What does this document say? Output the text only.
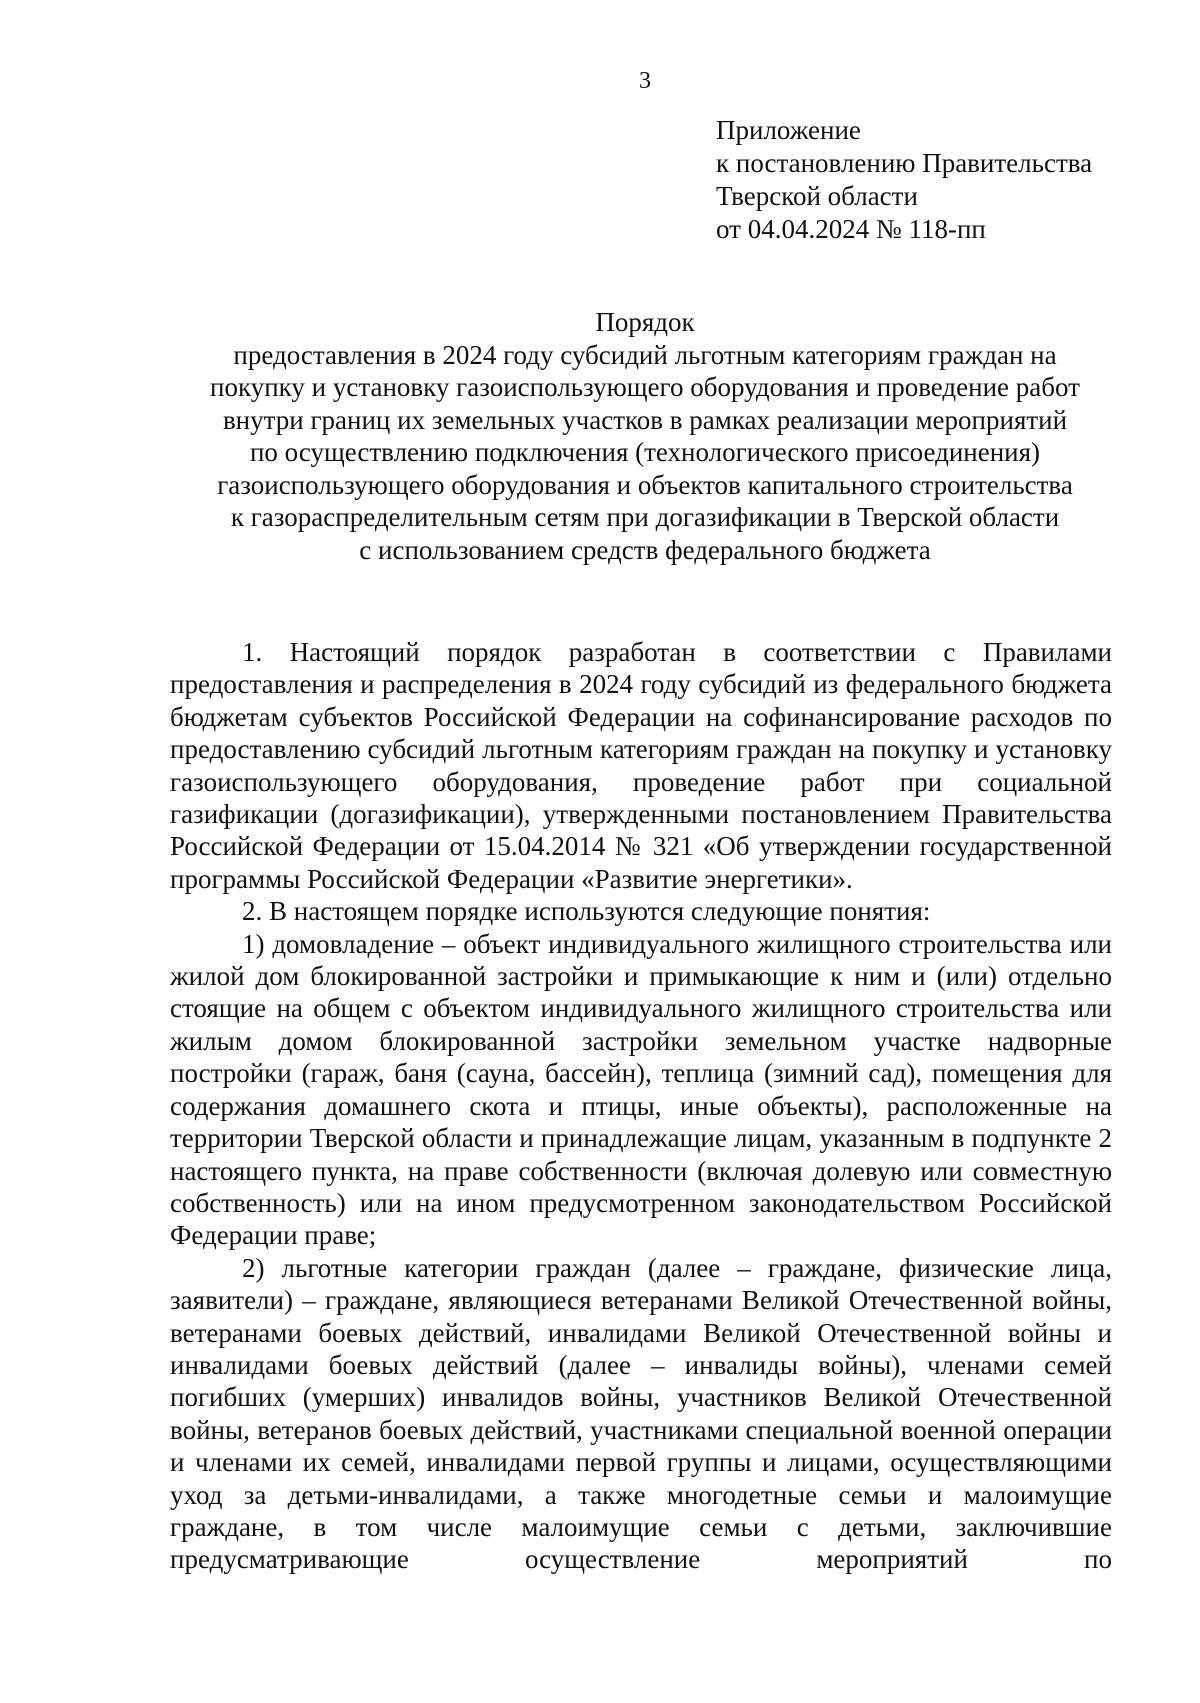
3

Приложение
к постановлению Правительства
Тверской области
от 04.04.2024 № 118-пп
Порядок
предоставления в 2024 году субсидий льготным категориям граждан на
покупку и установку газоиспользующего оборудования и проведение работ
внутри границ их земельных участков в рамках реализации мероприятий
по осуществлению подключения (технологического присоединения)
газоиспользующего оборудования и объектов капитального строительства
к газораспределительным сетям при догазификации в Тверской области
с использованием средств федерального бюджета

1. Настоящий порядок разработан в соответствии с Правилами предоставления и распределения в 2024 году субсидий из федерального бюджета бюджетам субъектов Российской Федерации на софинансирование расходов по предоставлению субсидий льготным категориям граждан на покупку и установку газоиспользующего оборудования, проведение работ при социальной газификации (догазификации), утвержденными постановлением Правительства Российской Федерации от 15.04.2014 № 321 «Об утверждении государственной программы Российской Федерации «Развитие энергетики».

2. В настоящем порядке используются следующие понятия:

1) домовладение – объект индивидуального жилищного строительства или жилой дом блокированной застройки и примыкающие к ним и (или) отдельно стоящие на общем с объектом индивидуального жилищного строительства или жилым домом блокированной застройки земельном участке надворные постройки (гараж, баня (сауна, бассейн), теплица (зимний сад), помещения для содержания домашнего скота и птицы, иные объекты), расположенные на территории Тверской области и принадлежащие лицам, указанным в подпункте 2 настоящего пункта, на праве собственности (включая долевую или совместную собственность) или на ином предусмотренном законодательством Российской Федерации праве;

2) льготные категории граждан (далее – граждане, физические лица, заявители) – граждане, являющиеся ветеранами Великой Отечественной войны, ветеранами боевых действий, инвалидами Великой Отечественной войны и инвалидами боевых действий (далее – инвалиды войны), членами семей погибших (умерших) инвалидов войны, участников Великой Отечественной войны, ветеранов боевых действий, участниками специальной военной операции и членами их семей, инвалидами первой группы и лицами, осуществляющими уход за детьми-инвалидами, а также многодетные семьи и малоимущие граждане, в том числе малоимущие семьи с детьми, заключившие предусматривающие осуществление мероприятий по
